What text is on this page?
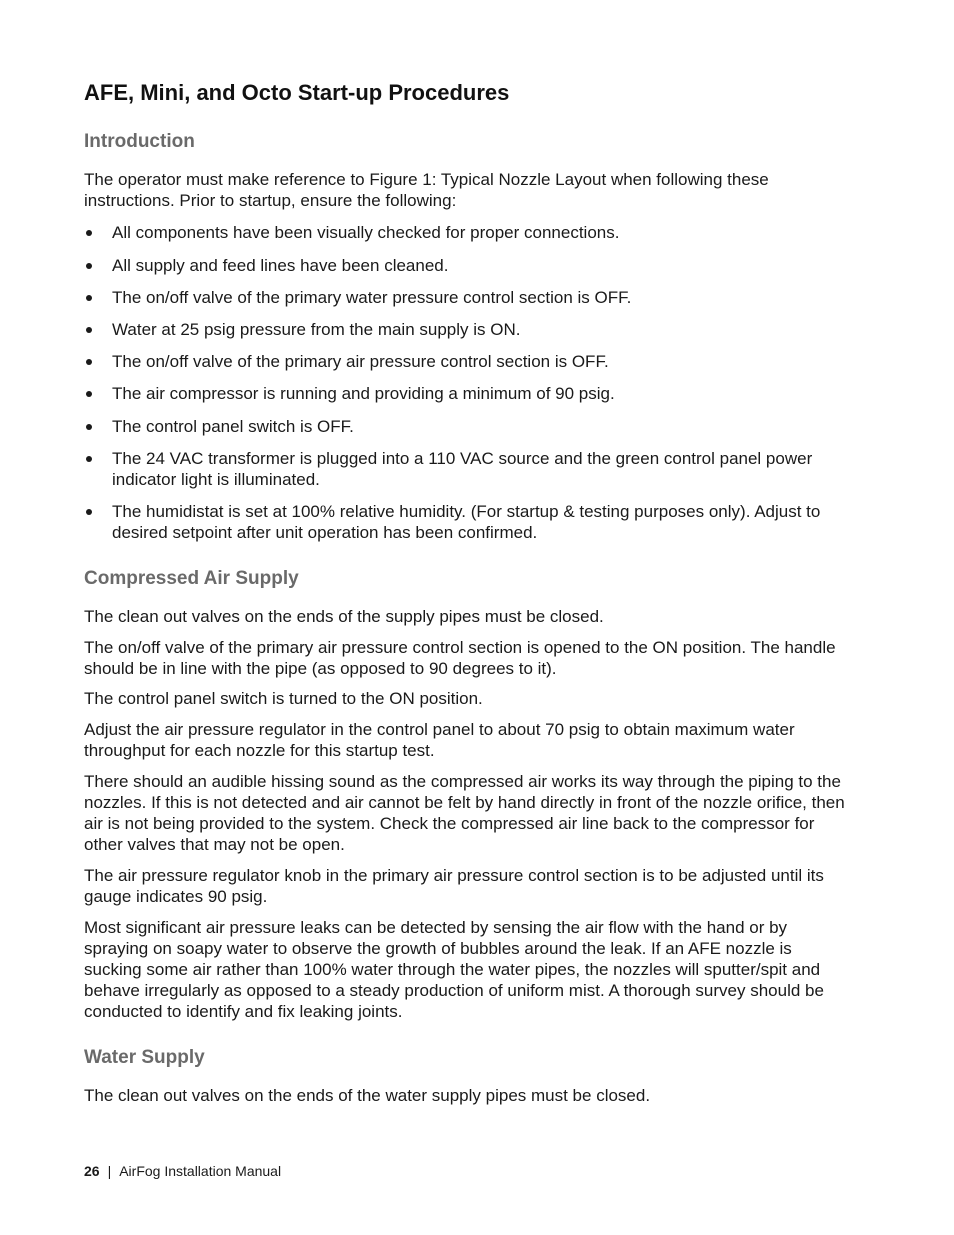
AFE, Mini, and Octo Start-up Procedures
Introduction

The operator must make reference to Figure 1: Typical Nozzle Layout when following these instructions. Prior to startup, ensure the following:

All components have been visually checked for proper connections.
All supply and feed lines have been cleaned.
The on/off valve of the primary water pressure control section is OFF.
Water at 25 psig pressure from the main supply is ON.
The on/off valve of the primary air pressure control section is OFF.
The air compressor is running and providing a minimum of 90 psig.
The control panel switch is OFF.
The 24 VAC transformer is plugged into a 110 VAC source and the green control panel power indicator light is illuminated.
The humidistat is set at 100% relative humidity. (For startup & testing purposes only). Adjust to desired setpoint after unit operation has been confirmed.
Compressed Air Supply

The clean out valves on the ends of the supply pipes must be closed.

The on/off valve of the primary air pressure control section is opened to the ON position. The handle should be in line with the pipe (as opposed to 90 degrees to it).

The control panel switch is turned to the ON position.

Adjust the air pressure regulator in the control panel to about 70 psig to obtain maximum water throughput for each nozzle for this startup test.

There should an audible hissing sound as the compressed air works its way through the piping to the nozzles. If this is not detected and air cannot be felt by hand directly in front of the nozzle orifice, then air is not being provided to the system. Check the compressed air line back to the compressor for other valves that may not be open.

The air pressure regulator knob in the primary air pressure control section is to be adjusted until its gauge indicates 90 psig.

Most significant air pressure leaks can be detected by sensing the air flow with the hand or by spraying on soapy water to observe the growth of bubbles around the leak. If an AFE nozzle is sucking some air rather than 100% water through the water pipes, the nozzles will sputter/spit and behave irregularly as opposed to a steady production of uniform mist. A thorough survey should be conducted to identify and fix leaking joints.

Water Supply

The clean out valves on the ends of the water supply pipes must be closed.

26 | AirFog Installation Manual
